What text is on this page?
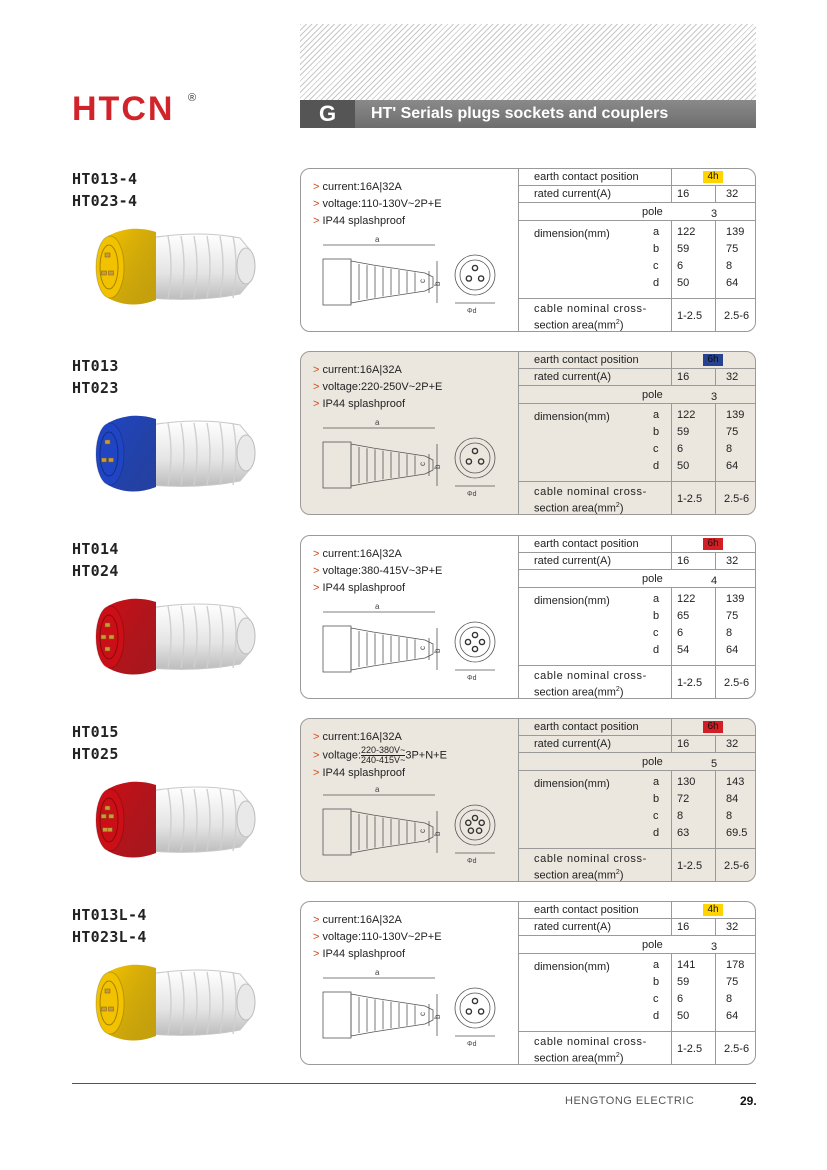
HTCN ®
G	HT' Serials plugs sockets and couplers
HT013-4
HT023-4
> current:16A|32A
> voltage:110-130V~2P+E
> IP44 splashproof
a
b
c
Φd
earth contact position	4h
rated current(A)	16	32
pole	3
dimension(mm)	a 122	139
b 59	75
c 6	8
d 50	64
cable nominal cross-
section $area(mm^2)$
1-2.5 2.5-6
HT013
HT023
> current:16A|32A
> voltage:220-250V~2P+E
> IP44 splashproof
a
b
c
Φd
earth contact position	6h
rated current(A)	16	32
pole	3
dimension(mm)	a 122	139
b 59	75
c 6	8
d 50	64
cable nominal cross-
section $area(mm^2)$
1-2.5 2.5-6
HT014
HT024
> current:16A|32A
> voltage:380-415V~3P+E
> IP44 splashproof
a
b
c
Φd
earth contact position	6h
rated current(A)	16	32
pole	4
dimension(mm)	a 122	139
b 65	75
c 6	8
d 54	64
cable nominal cross-
section $area(mm^2)$
1-2.5 2.5-6
HT015
HT025
> current:16A|32A
> voltage: $\frac{220-380V\sim}{240-415V\sim} 3P+N+E$
> IP44 splashproof
a
b
c
Φd
earth contact position	6h
rated current(A)	16	32
pole	5
dimension(mm)	a 130	143
b 72	84
c 8	8
d 63	69.5
cable nominal cross-
section $area(mm^2)$
1-2.5 2.5-6
HT013L-4
HT023L-4
> current:16A|32A
> voltage:110-130V~2P+E
> IP44 splashproof
a
b
c
Φd
earth contact position	4h
rated current(A)	16	32
pole	3
dimension(mm)	a 141	178
b 59	75
c 6	8
d 50	64
cable nominal cross-
section $area(mm^2)$
1-2.5 2.5-6
HENGTONG ELECTRIC	29.
